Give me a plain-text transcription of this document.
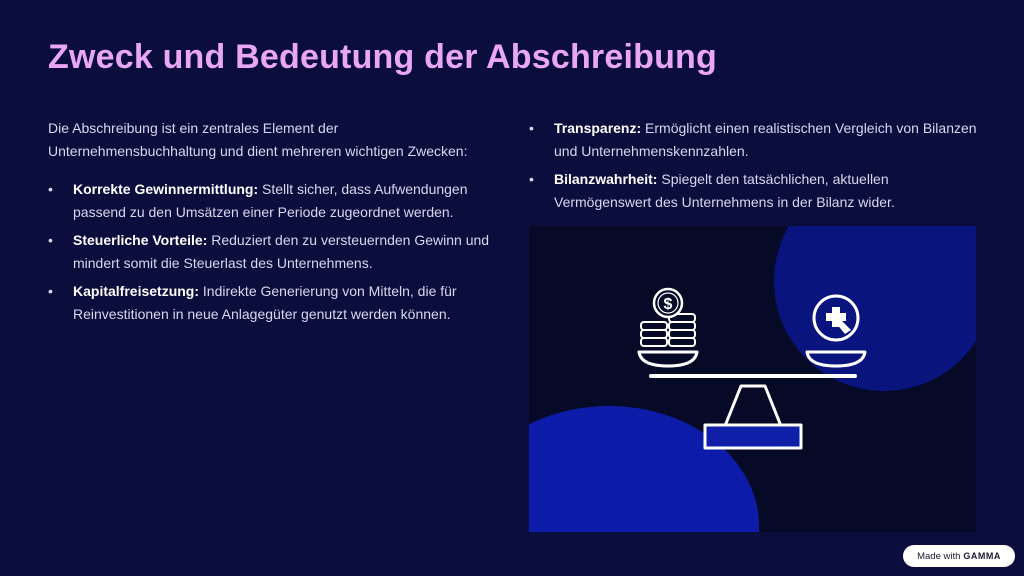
Zweck und Bedeutung der Abschreibung

Die Abschreibung ist ein zentrales Element der Unternehmensbuchhaltung und dient mehreren wichtigen Zwecken:

• Korrekte Gewinnermittlung: Stellt sicher, dass Aufwendungen passend zu den Umsätzen einer Periode zugeordnet werden.
• Steuerliche Vorteile: Reduziert den zu versteuernden Gewinn und mindert somit die Steuerlast des Unternehmens.
• Kapitalfreisetzung: Indirekte Generierung von Mitteln, die für Reinvestitionen in neue Anlagegüter genutzt werden können.
• Transparenz: Ermöglicht einen realistischen Vergleich von Bilanzen und Unternehmenskennzahlen.
• Bilanzwahrheit: Spiegelt den tatsächlichen, aktuellen Vermögenswert des Unternehmens in der Bilanz wider.
$
Made with GAMMA
